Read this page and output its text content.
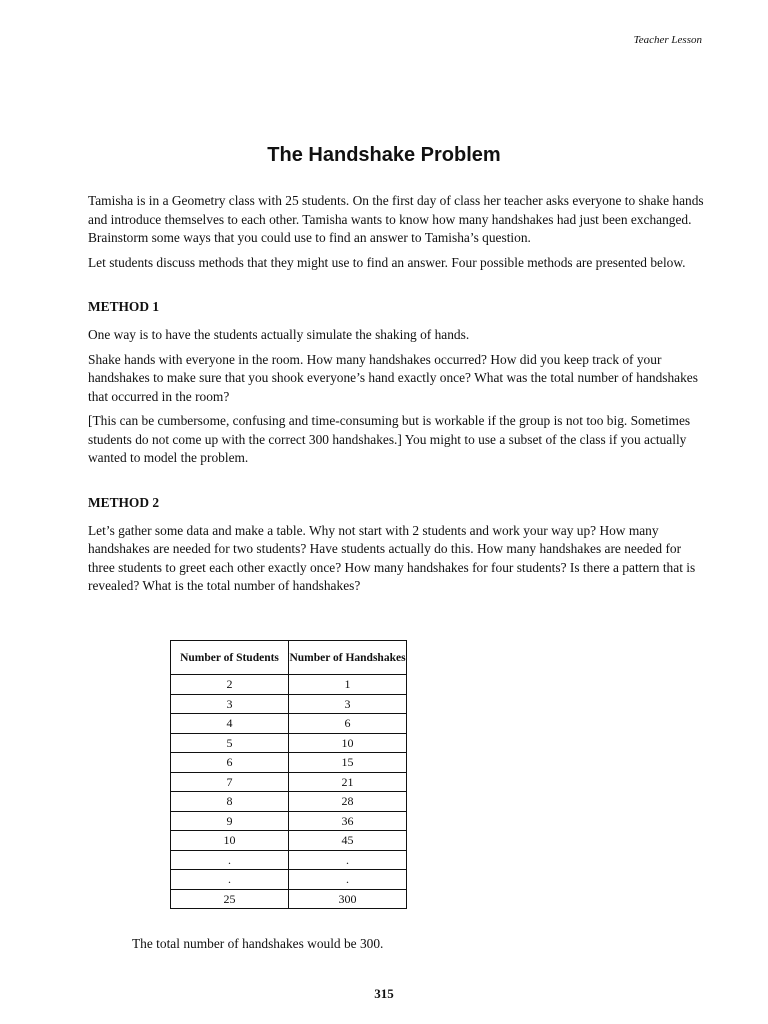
Teacher Lesson
The Handshake Problem

Tamisha is in a Geometry class with 25 students. On the first day of class her teacher asks everyone to shake hands and introduce themselves to each other. Tamisha wants to know how many handshakes had just been exchanged. Brainstorm some ways that you could use to find an answer to Tamisha’s question.

Let students discuss methods that they might use to find an answer. Four possible methods are presented below.

METHOD 1

One way is to have the students actually simulate the shaking of hands.

Shake hands with everyone in the room. How many handshakes occurred? How did you keep track of your handshakes to make sure that you shook everyone’s hand exactly once? What was the total number of handshakes that occurred in the room?

[This can be cumbersome, confusing and time-consuming but is workable if the group is not too big. Sometimes students do not come up with the correct 300 handshakes.] You might to use a subset of the class if you actually wanted to model the problem.

METHOD 2

Let’s gather some data and make a table. Why not start with 2 students and work your way up? How many handshakes are needed for two students? Have students actually do this. How many handshakes are needed for three students to greet each other exactly once? How many handshakes for four students? Is there a pattern that is revealed? What is the total number of handshakes?

Number of Students	Number of Handshakes
2	1
3	3
4	6
5	10
6	15
7	21
8	28
9	36
10	45
.	.
.	.
25	300
The total number of handshakes would be 300.
315
